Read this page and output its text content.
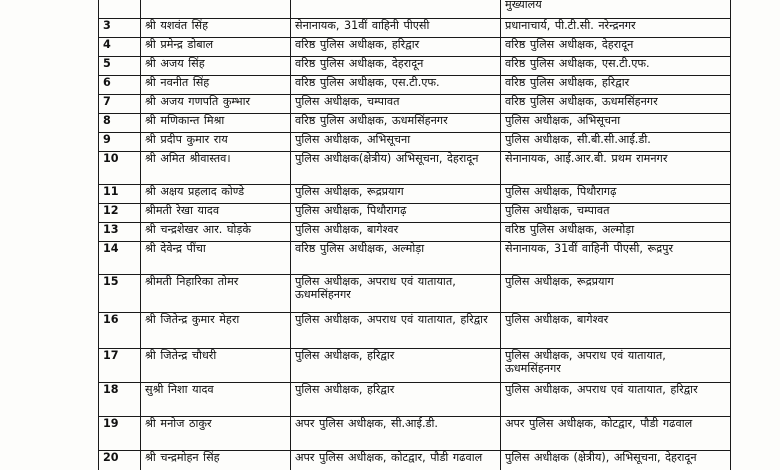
			मुख्यालय

3	श्री यशवंत सिंह	सेनानायक, 31वीं वाहिनी पीएसी	प्रधानाचार्य, पी.टी.सी. नरेन्द्रनगर
4	श्री प्रमेन्द्र डोबाल	वरिष्ठ पुलिस अधीक्षक, हरिद्वार	वरिष्ठ पुलिस अधीक्षक, देहरादून
5	श्री अजय सिंह	वरिष्ठ पुलिस अधीक्षक, देहरादून	वरिष्ठ पुलिस अधीक्षक, एस.टी.एफ.
6	श्री नवनीत सिंह	वरिष्ठ पुलिस अधीक्षक, एस.टी.एफ.	वरिष्ठ पुलिस अधीक्षक, हरिद्वार
7	श्री अजय गणपति कुम्भार	पुलिस अधीक्षक, चम्पावत	वरिष्ठ पुलिस अधीक्षक, ऊधमसिंहनगर
8	श्री मणिकान्त मिश्रा	वरिष्ठ पुलिस अधीक्षक, ऊधमसिंहनगर	पुलिस अधीक्षक, अभिसूचना
9	श्री प्रदीप कुमार राय	पुलिस अधीक्षक, अभिसूचना	पुलिस अधीक्षक, सी.बी.सी.आई.डी.
10	श्री अमित श्रीवास्तव।	पुलिस अधीक्षक(क्षेत्रीय) अभिसूचना, देहरादून	सेनानायक, आई.आर.बी. प्रथम रामनगर
11	श्री अक्षय प्रहलाद कोण्डे	पुलिस अधीक्षक, रूद्रप्रयाग	पुलिस अधीक्षक, पिथौरागढ़
12	श्रीमती रेखा यादव	पुलिस अधीक्षक, पिथौरागढ़	पुलिस अधीक्षक, चम्पावत
13	श्री चन्द्रशेखर आर. घोड़के	पुलिस अधीक्षक, बागेश्वर	वरिष्ठ पुलिस अधीक्षक, अल्मोड़ा
14	श्री देवेन्द्र पींचा	वरिष्ठ पुलिस अधीक्षक, अल्मोड़ा	सेनानायक, 31वीं वाहिनी पीएसी, रूद्रपुर
15	श्रीमती निहारिका तोमर	पुलिस अधीक्षक, अपराध एवं यातायात, ऊधमसिंहनगर	पुलिस अधीक्षक, रूद्रप्रयाग
16	श्री जितेन्द्र कुमार मेहरा	पुलिस अधीक्षक, अपराध एवं यातायात, हरिद्वार	पुलिस अधीक्षक, बागेश्वर
17	श्री जितेन्द्र चौधरी	पुलिस अधीक्षक, हरिद्वार	पुलिस अधीक्षक, अपराध एवं यातायात, ऊधमसिंहनगर
18	सुश्री निशा यादव	पुलिस अधीक्षक, हरिद्वार	पुलिस अधीक्षक, अपराध एवं यातायात, हरिद्वार
19	श्री मनोज ठाकुर	अपर पुलिस अधीक्षक, सी.आई.डी.	अपर पुलिस अधीक्षक, कोटद्वार, पौडी गढवाल
20	श्री चन्द्रमोहन सिंह	अपर पुलिस अधीक्षक, कोटद्वार, पौडी गढवाल	पुलिस अधीक्षक (क्षेत्रीय), अभिसूचना, देहरादून
